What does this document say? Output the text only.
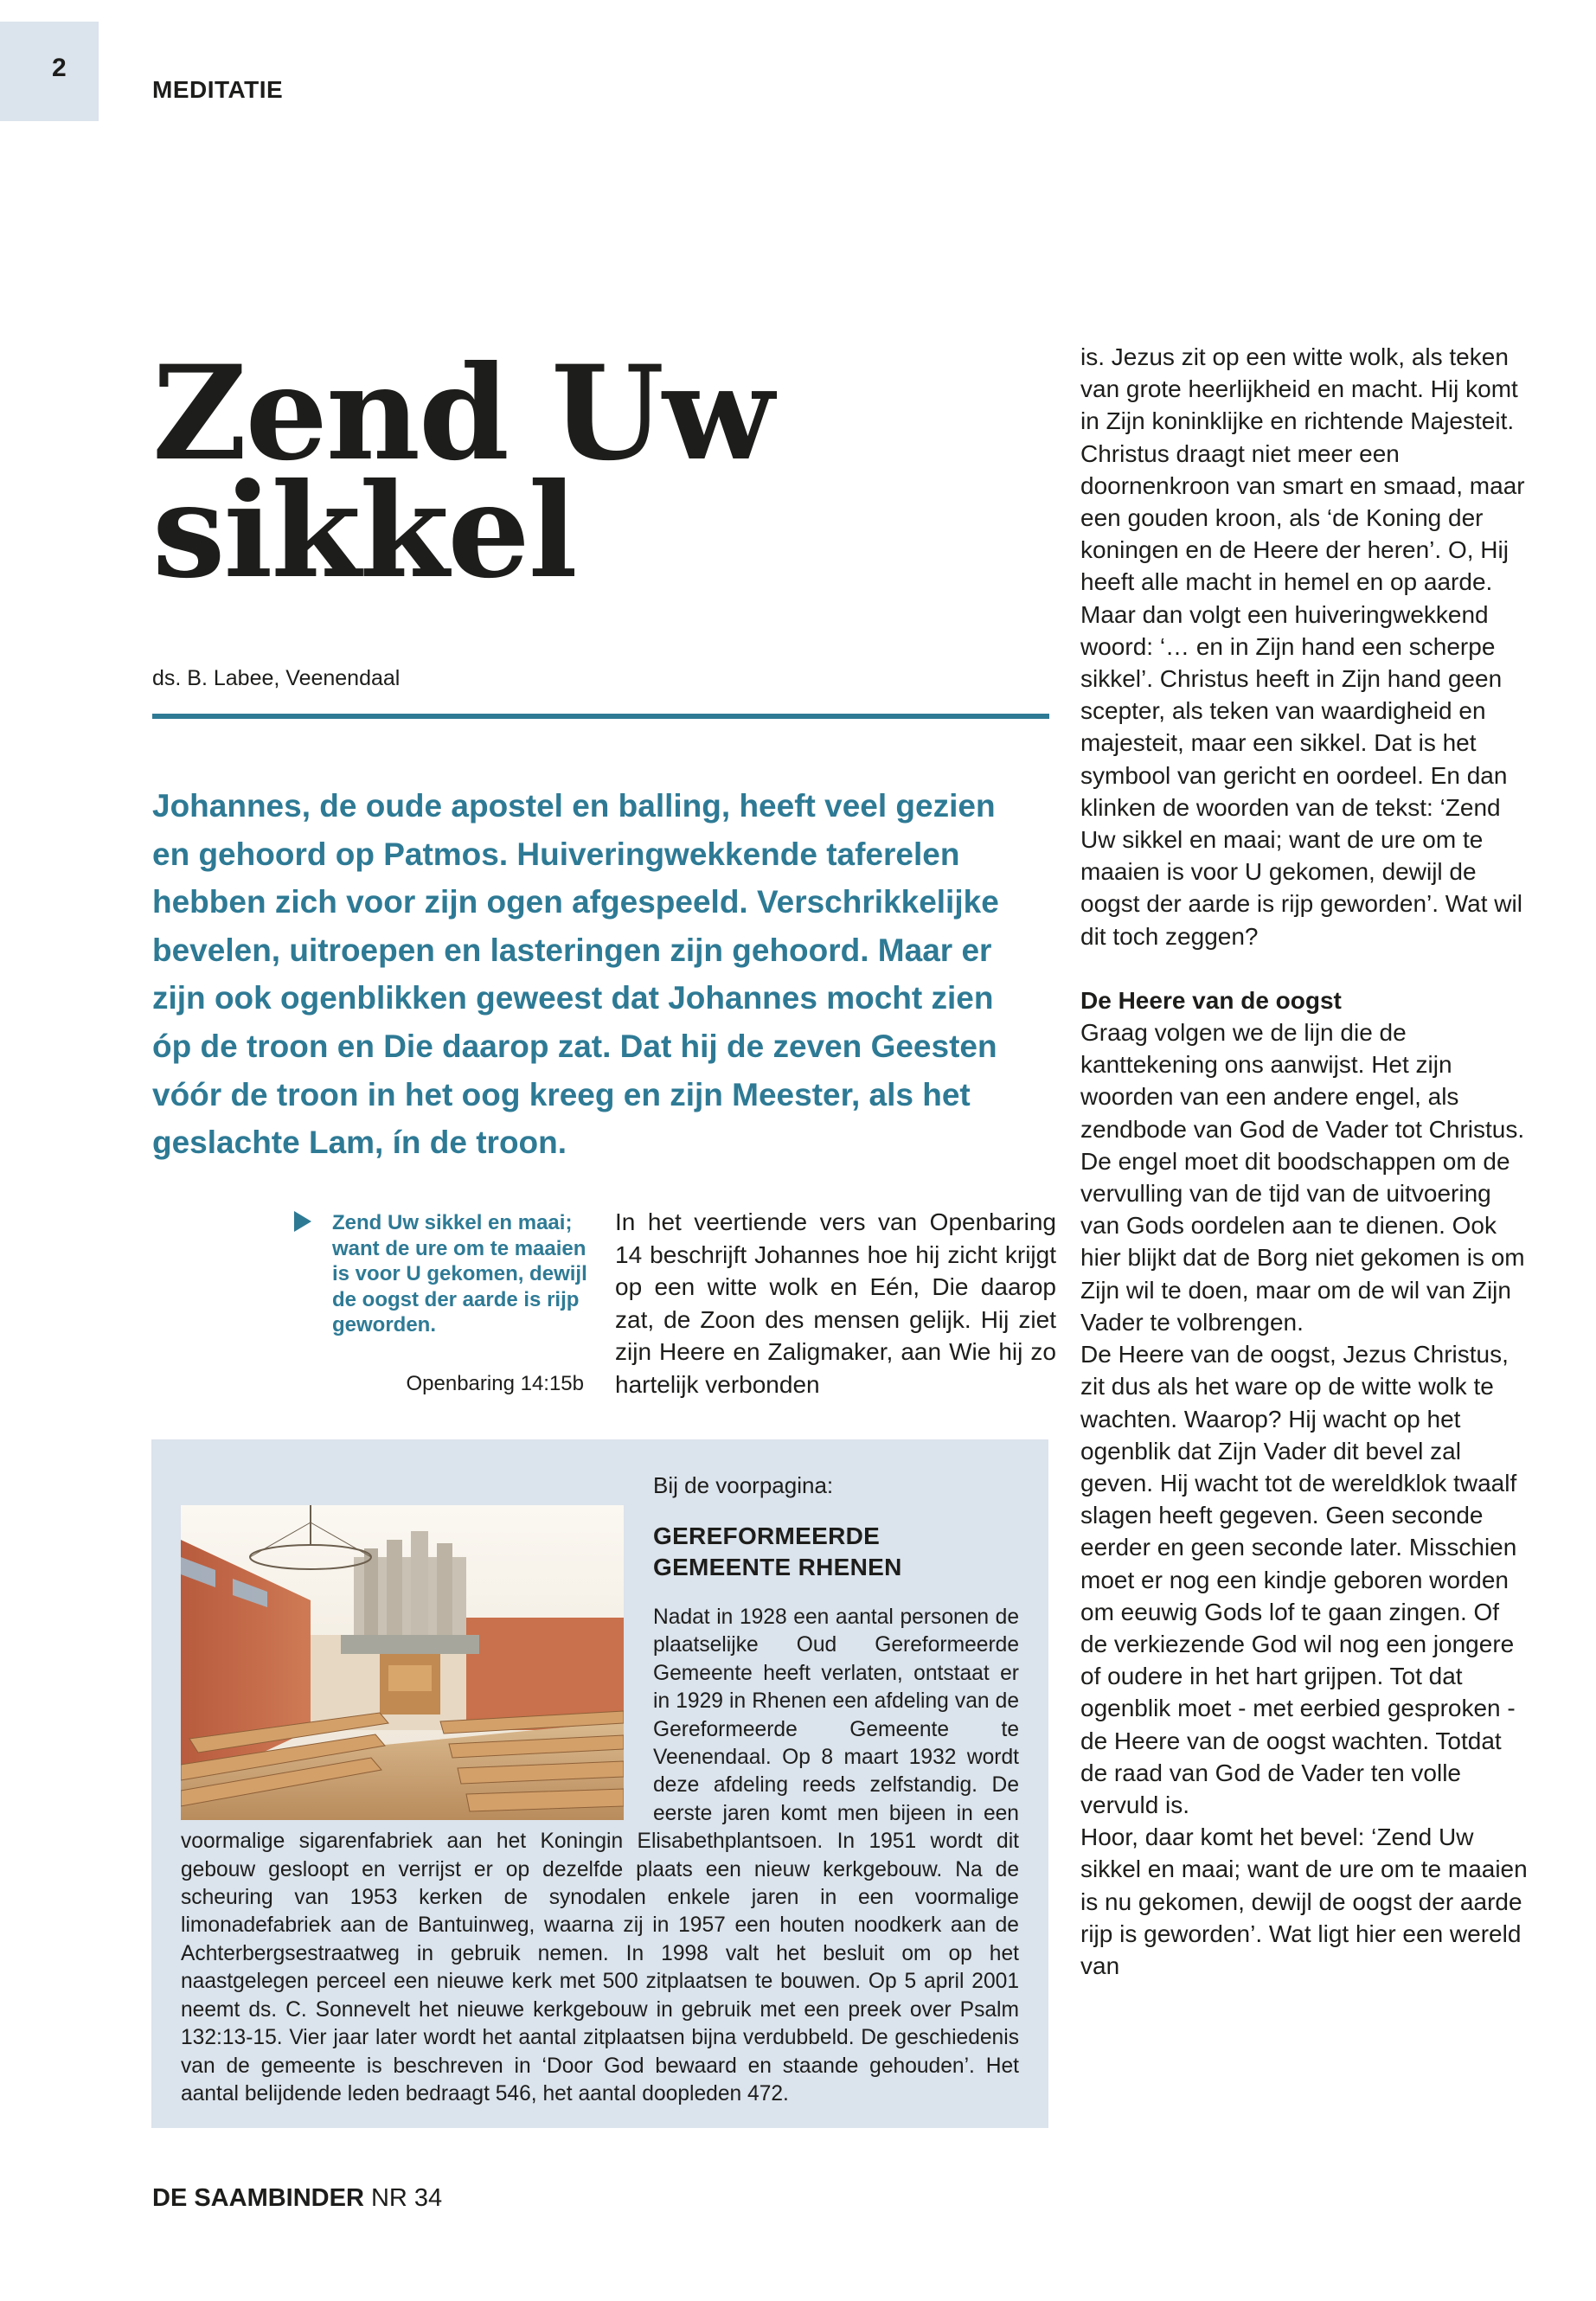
2
MEDITATIE
Zend Uw
sikkel
ds. B. Labee, Veenendaal
Johannes, de oude apostel en balling, heeft veel gezien en gehoord op Patmos. Huiveringwekkende taferelen hebben zich voor zijn ogen afgespeeld. Verschrikkelijke bevelen, uitroepen en lasteringen zijn gehoord. Maar er zijn ook ogenblikken geweest dat Johannes mocht zien óp de troon en Die daarop zat. Dat hij de zeven Geesten vóór de troon in het oog kreeg en zijn Meester, als het geslachte Lam, ín de troon.
Zend Uw sikkel en maai; want de ure om te maaien is voor U gekomen, dewijl de oogst der aarde is rijp geworden.
Openbaring 14:15b
In het veertiende vers van Openbaring 14 beschrijft Johannes hoe hij zicht krijgt op een witte wolk en Eén, Die daarop zat, de Zoon des mensen gelijk. Hij ziet zijn Heere en Zaligmaker, aan Wie hij zo hartelijk verbonden

is. Jezus zit op een witte wolk, als teken van grote heerlijkheid en macht. Hij komt in Zijn koninklijke en richtende Majesteit. Christus draagt niet meer een doornenkroon van smart en smaad, maar een gouden kroon, als ‘de Koning der koningen en de Heere der heren’. O, Hij heeft alle macht in hemel en op aarde.

Maar dan volgt een huiveringwekkend woord: ‘… en in Zijn hand een scherpe sikkel’. Christus heeft in Zijn hand geen scepter, als teken van waardigheid en majesteit, maar een sikkel. Dat is het symbool van gericht en oordeel. En dan klinken de woorden van de tekst: ‘Zend Uw sikkel en maai; want de ure om te maaien is voor U gekomen, dewijl de oogst der aarde is rijp geworden’. Wat wil dit toch zeggen?

De Heere van de oogst

Graag volgen we de lijn die de kanttekening ons aanwijst. Het zijn woorden van een andere engel, als zendbode van God de Vader tot Christus. De engel moet dit boodschappen om de vervulling van de tijd van de uitvoering van Gods oordelen aan te dienen. Ook hier blijkt dat de Borg niet gekomen is om Zijn wil te doen, maar om de wil van Zijn Vader te volbrengen.

De Heere van de oogst, Jezus Christus, zit dus als het ware op de witte wolk te wachten. Waarop? Hij wacht op het ogenblik dat Zijn Vader dit bevel zal geven. Hij wacht tot de wereldklok twaalf slagen heeft gegeven. Geen seconde eerder en geen seconde later. Misschien moet er nog een kindje geboren worden om eeuwig Gods lof te gaan zingen. Of de verkiezende God wil nog een jongere of oudere in het hart grijpen. Tot dat ogenblik moet - met eerbied gesproken - de Heere van de oogst wachten. Totdat de raad van God de Vader ten volle vervuld is.

Hoor, daar komt het bevel: ‘Zend Uw sikkel en maai; want de ure om te maaien is nu gekomen, dewijl de oogst der aarde rijp is geworden’. Wat ligt hier een wereld van

Bij de voorpagina:
GEREFORMEERDE GEMEENTE RHENEN
Nadat in 1928 een aantal personen de plaatselijke Oud Gereformeerde Gemeente heeft verlaten, ontstaat er in 1929 in Rhenen een afdeling van de Gereformeerde Gemeente te Veenendaal. Op 8 maart 1932 wordt deze afdeling reeds zelfstandig. De eerste jaren komt men bijeen in een voormalige sigarenfabriek aan het Koningin Elisabethplantsoen. In 1951 wordt dit gebouw gesloopt en verrijst er op dezelfde plaats een nieuw kerkgebouw. Na de scheuring van 1953 kerken de synodalen enkele jaren in een voormalige limonadefabriek aan de Bantuinweg, waarna zij in 1957 een houten noodkerk aan de Achterbergsestraatweg in gebruik nemen. In 1998 valt het besluit om op het naastgelegen perceel een nieuwe kerk met 500 zitplaatsen te bouwen. Op 5 april 2001 neemt ds. C. Sonnevelt het nieuwe kerkgebouw in gebruik met een preek over Psalm 132:13-15. Vier jaar later wordt het aantal zitplaatsen bijna verdubbeld. De geschiedenis van de gemeente is beschreven in ‘Door God bewaard en staande gehouden’. Het aantal belijdende leden bedraagt 546, het aantal doopleden 472.
DE SAAMBINDER NR 34
